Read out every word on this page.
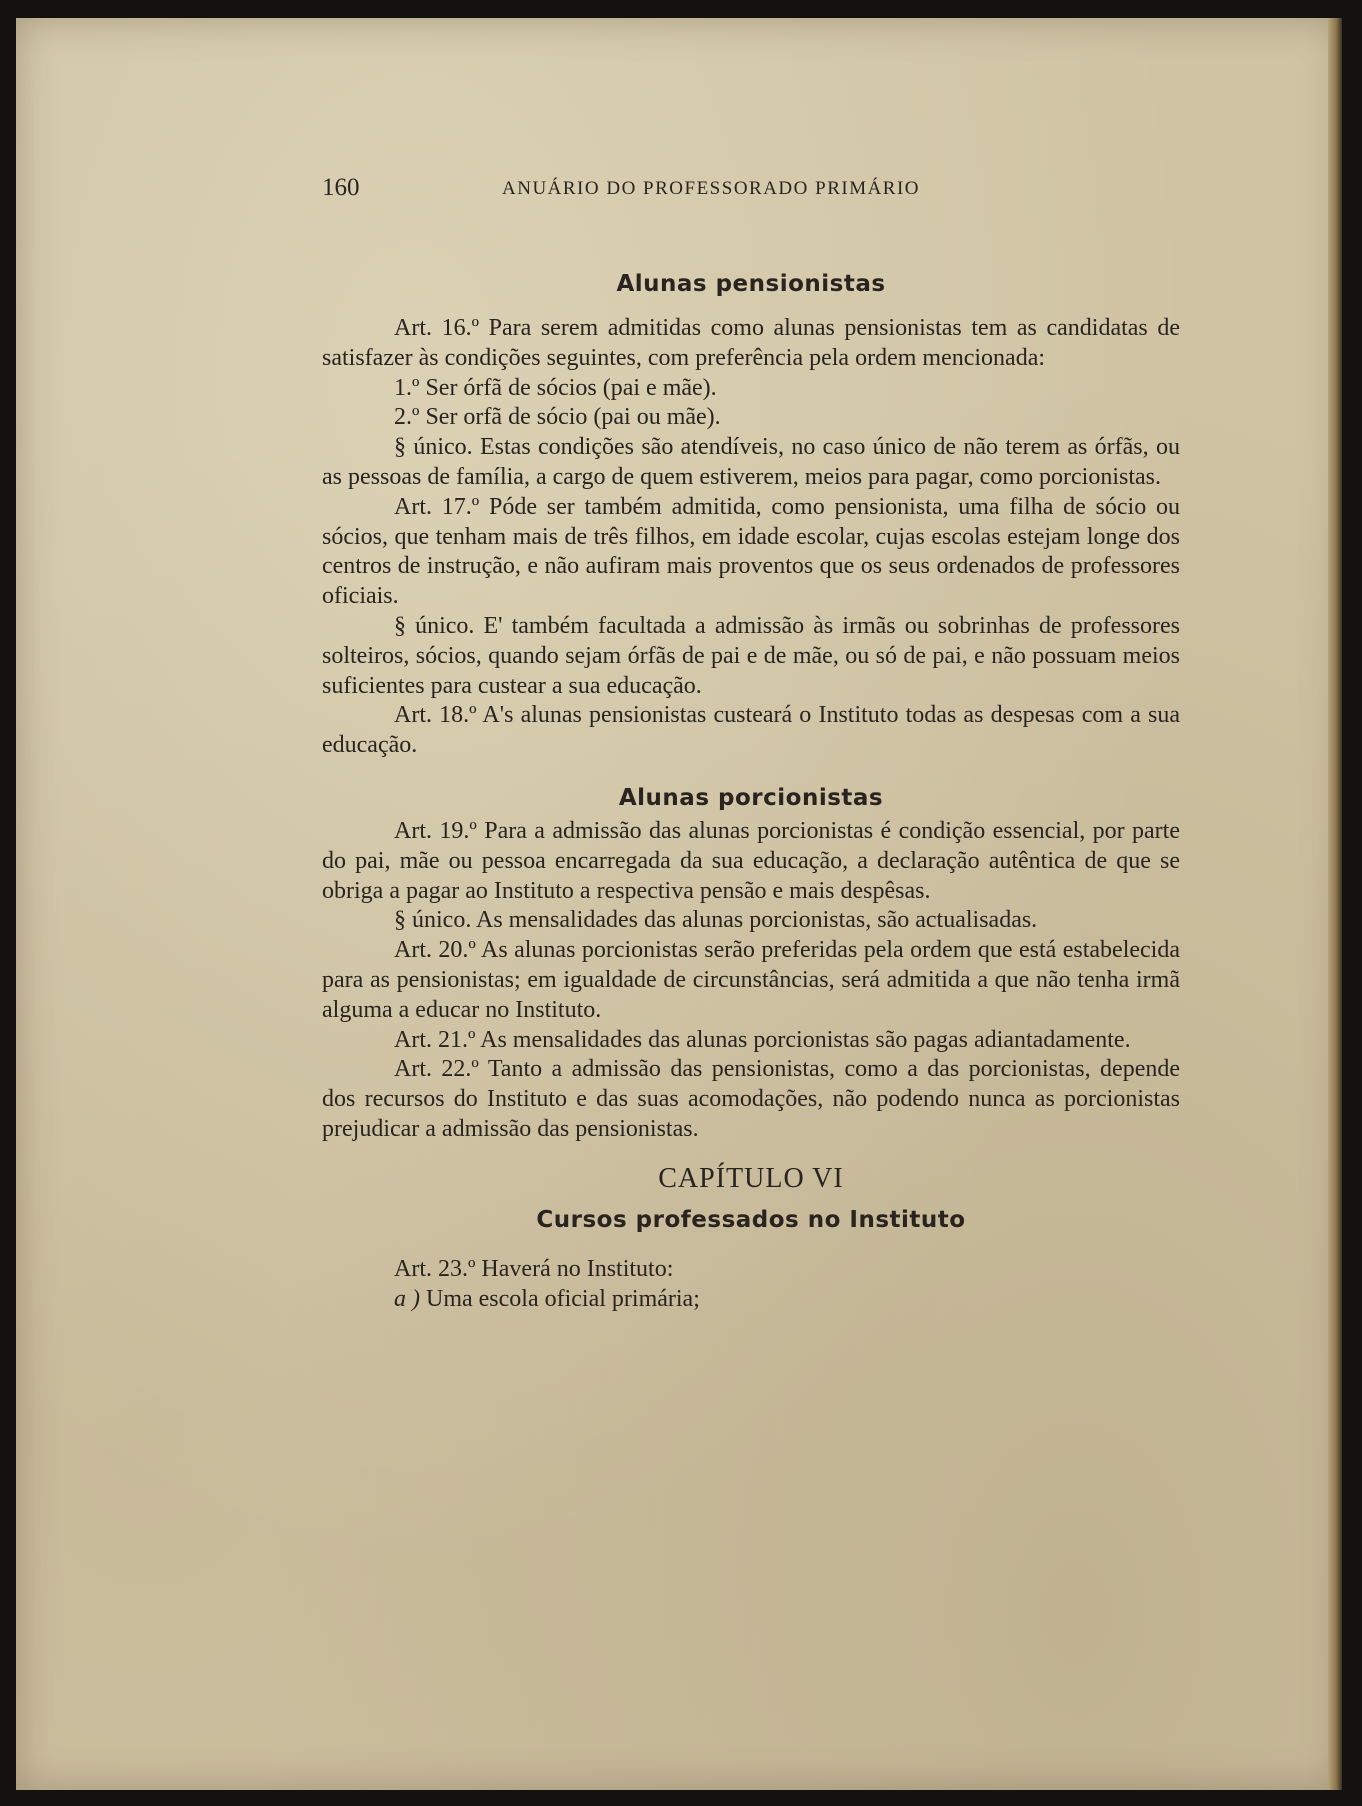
160	ANUÁRIO DO PROFESSORADO PRIMÁRIO
Alunas pensionistas

Art. 16.º Para serem admitidas como alunas pensionistas tem as candidatas de satisfazer às condições seguintes, com preferência pela ordem mencionada:

1.º Ser órfã de sócios (pai e mãe).

2.º Ser orfã de sócio (pai ou mãe).

§ único. Estas condições são atendíveis, no caso único de não terem as órfãs, ou as pessoas de família, a cargo de quem estiverem, meios para pagar, como porcionistas.

Art. 17.º Póde ser também admitida, como pensionista, uma filha de sócio ou sócios, que tenham mais de três filhos, em idade escolar, cujas escolas estejam longe dos centros de instrução, e não aufiram mais proventos que os seus ordenados de professores oficiais.

§ único. E' também facultada a admissão às irmãs ou sobrinhas de professores solteiros, sócios, quando sejam órfãs de pai e de mãe, ou só de pai, e não possuam meios suficientes para custear a sua educação.

Art. 18.º A's alunas pensionistas custeará o Instituto todas as despesas com a sua educação.

Alunas porcionistas

Art. 19.º Para a admissão das alunas porcionistas é condição essencial, por parte do pai, mãe ou pessoa encarregada da sua educação, a declaração autêntica de que se obriga a pagar ao Instituto a respectiva pensão e mais despêsas.

§ único. As mensalidades das alunas porcionistas, são actualisadas.

Art. 20.º As alunas porcionistas serão preferidas pela ordem que está estabelecida para as pensionistas; em igualdade de circunstâncias, será admitida a que não tenha irmã alguma a educar no Instituto.

Art. 21.º As mensalidades das alunas porcionistas são pagas adiantadamente.

Art. 22.º Tanto a admissão das pensionistas, como a das porcionistas, depende dos recursos do Instituto e das suas acomodações, não podendo nunca as porcionistas prejudicar a admissão das pensionistas.

CAPÍTULO VI
Cursos professados no Instituto

Art. 23.º Haverá no Instituto:

a ) Uma escola oficial primária;
